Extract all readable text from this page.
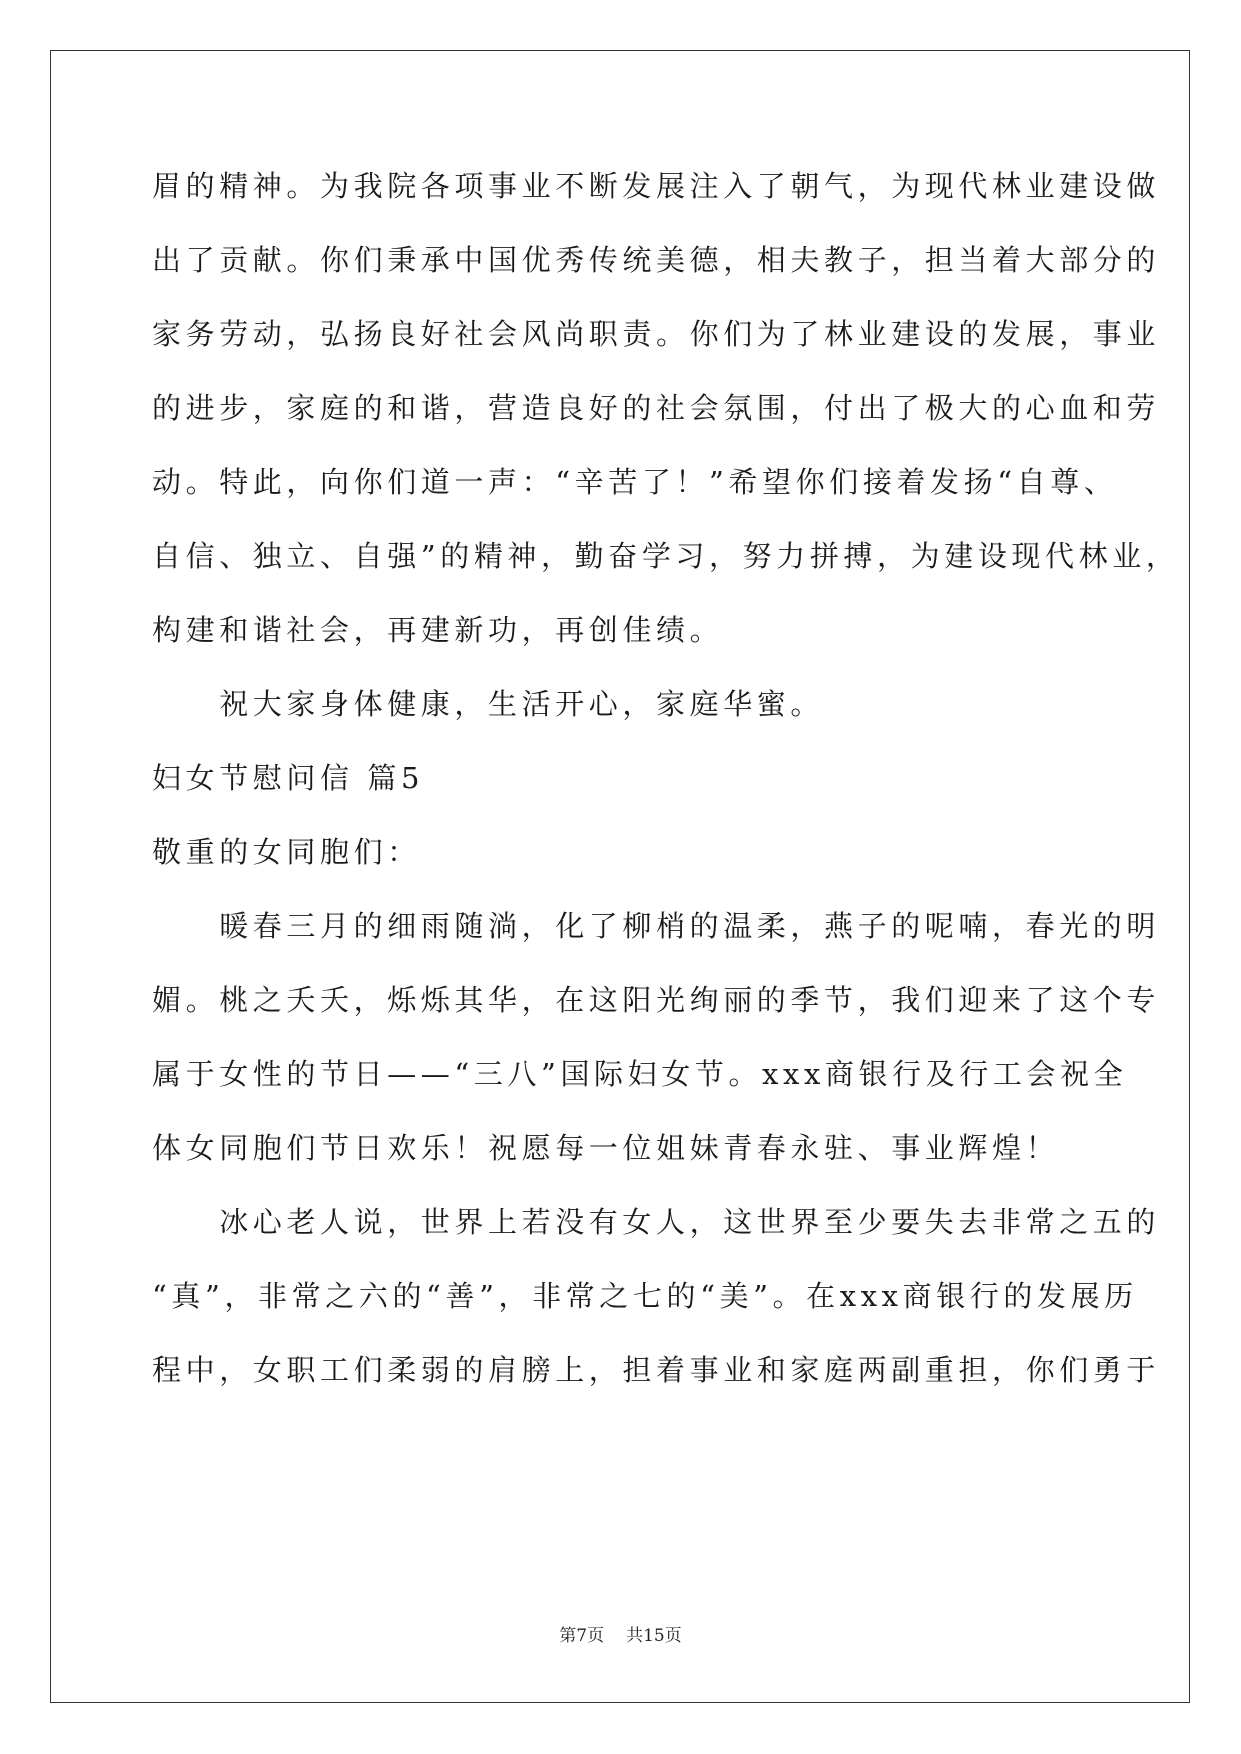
眉的精神。为我院各项事业不断发展注入了朝气，为现代林业建设做
出了贡献。你们秉承中国优秀传统美德，相夫教子，担当着大部分的
家务劳动，弘扬良好社会风尚职责。你们为了林业建设的发展，事业
的进步，家庭的和谐，营造良好的社会氛围，付出了极大的心血和劳
动。特此，向你们道一声：“辛苦了！”希望你们接着发扬“自尊、
自信、独立、自强”的精神，勤奋学习，努力拼搏，为建设现代林业，
构建和谐社会，再建新功，再创佳绩。
　　祝大家身体健康，生活开心，家庭华蜜。
妇女节慰问信 篇5
敬重的女同胞们：
　　暖春三月的细雨随淌，化了柳梢的温柔，燕子的呢喃，春光的明
媚。桃之夭夭，烁烁其华，在这阳光绚丽的季节，我们迎来了这个专
属于女性的节日——“三八”国际妇女节。xxx商银行及行工会祝全
体女同胞们节日欢乐！祝愿每一位姐妹青春永驻、事业辉煌！
　　冰心老人说，世界上若没有女人，这世界至少要失去非常之五的
“真”，非常之六的“善”，非常之七的“美”。在xxx商银行的发展历
程中，女职工们柔弱的肩膀上，担着事业和家庭两副重担，你们勇于
第7页 共15页
